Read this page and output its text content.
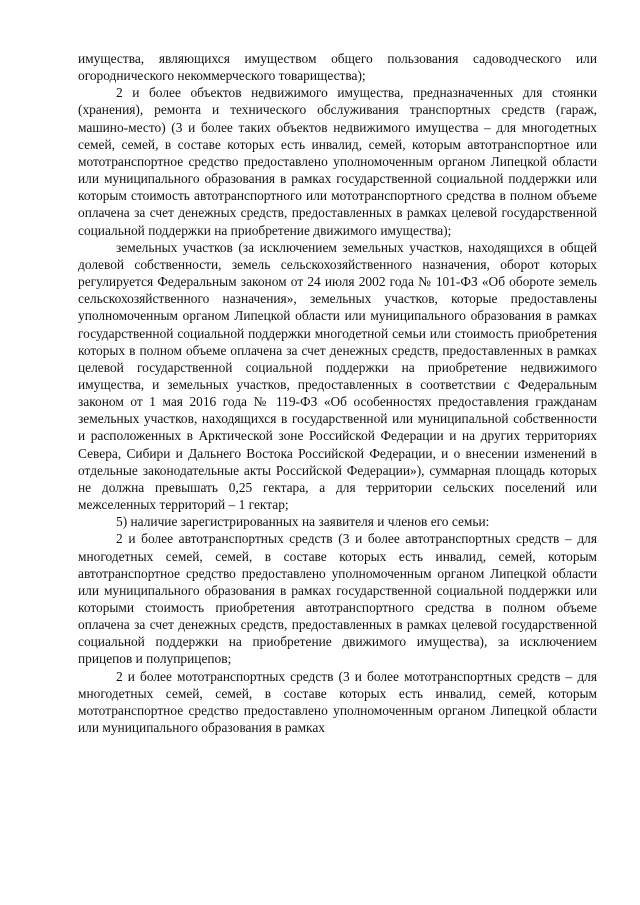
имущества, являющихся имуществом общего пользования садоводческого или огороднического некоммерческого товарищества);

2 и более объектов недвижимого имущества, предназначенных для стоянки (хранения), ремонта и технического обслуживания транспортных средств (гараж, машино-место) (3 и более таких объектов недвижимого имущества – для многодетных семей, семей, в составе которых есть инвалид, семей, которым автотранспортное или мототранспортное средство предоставлено уполномоченным органом Липецкой области или муниципального образования в рамках государственной социальной поддержки или которым стоимость автотранспортного или мототранспортного средства в полном объеме оплачена за счет денежных средств, предоставленных в рамках целевой государственной социальной поддержки на приобретение движимого имущества);

земельных участков (за исключением земельных участков, находящихся в общей долевой собственности, земель сельскохозяйственного назначения, оборот которых регулируется Федеральным законом от 24 июля 2002 года № 101-ФЗ «Об обороте земель сельскохозяйственного назначения», земельных участков, которые предоставлены уполномоченным органом Липецкой области или муниципального образования в рамках государственной социальной поддержки многодетной семьи или стоимость приобретения которых в полном объеме оплачена за счет денежных средств, предоставленных в рамках целевой государственной социальной поддержки на приобретение недвижимого имущества, и земельных участков, предоставленных в соответствии с Федеральным законом от 1 мая 2016 года № 119-ФЗ «Об особенностях предоставления гражданам земельных участков, находящихся в государственной или муниципальной собственности и расположенных в Арктической зоне Российской Федерации и на других территориях Севера, Сибири и Дальнего Востока Российской Федерации, и о внесении изменений в отдельные законодательные акты Российской Федерации»), суммарная площадь которых не должна превышать 0,25 гектара, а для территории сельских поселений или межселенных территорий – 1 гектар;

5) наличие зарегистрированных на заявителя и членов его семьи:

2 и более автотранспортных средств (3 и более автотранспортных средств – для многодетных семей, семей, в составе которых есть инвалид, семей, которым автотранспортное средство предоставлено уполномоченным органом Липецкой области или муниципального образования в рамках государственной социальной поддержки или которыми стоимость приобретения автотранспортного средства в полном объеме оплачена за счет денежных средств, предоставленных в рамках целевой государственной социальной поддержки на приобретение движимого имущества), за исключением прицепов и полуприцепов;

2 и более мототранспортных средств (3 и более мототранспортных средств – для многодетных семей, семей, в составе которых есть инвалид, семей, которым мототранспортное средство предоставлено уполномоченным органом Липецкой области или муниципального образования в рамках
